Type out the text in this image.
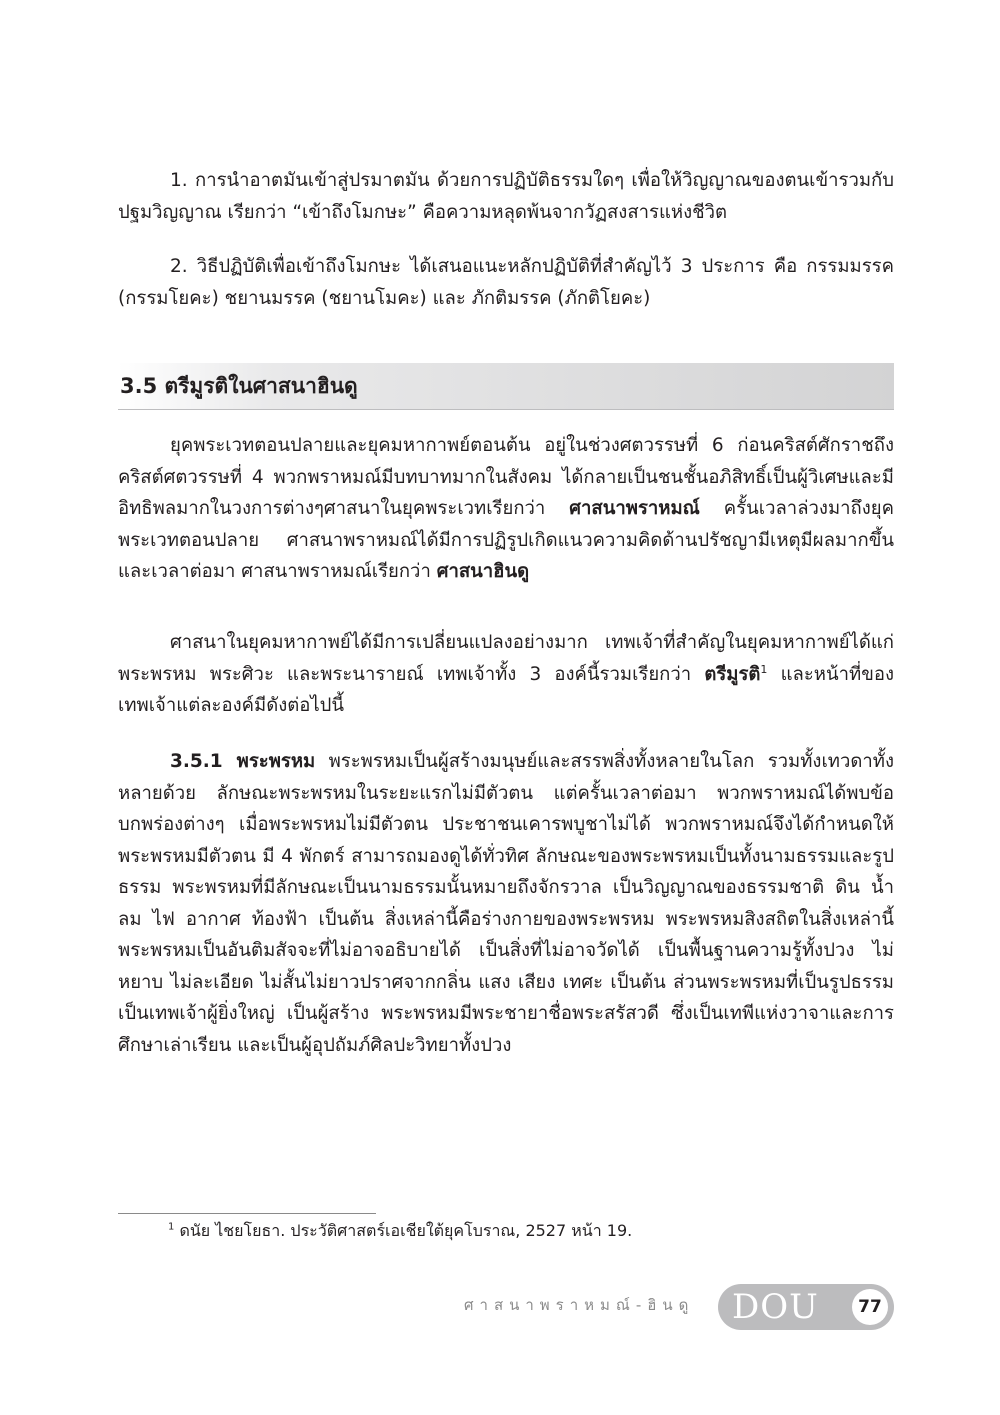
1. การนำอาตมันเข้าสู่ปรมาตมัน ด้วยการปฏิบัติธรรมใดๆ เพื่อให้วิญญาณของตนเข้ารวมกับปฐมวิญญาณ เรียกว่า “เข้าถึงโมกษะ” คือความหลุดพ้นจากวัฏสงสารแห่งชีวิต

2. วิธีปฏิบัติเพื่อเข้าถึงโมกษะ ได้เสนอแนะหลักปฏิบัติที่สำคัญไว้ 3 ประการ คือ กรรมมรรค (กรรมโยคะ) ชยานมรรค (ชยานโมคะ) และ ภักติมรรค (ภักติโยคะ)

3.5 ตรีมูรติในศาสนาฮินดู

ยุคพระเวทตอนปลายและยุคมหากาพย์ตอนต้น อยู่ในช่วงศตวรรษที่ 6 ก่อนคริสต์ศักราชถึงคริสต์ศตวรรษที่ 4 พวกพราหมณ์มีบทบาทมากในสังคม ได้กลายเป็นชนชั้นอภิสิทธิ์เป็นผู้วิเศษและมีอิทธิพลมากในวงการต่างๆศาสนาในยุคพระเวทเรียกว่า ศาสนาพราหมณ์ ครั้นเวลาล่วงมาถึงยุคพระเวทตอนปลาย ศาสนาพราหมณ์ได้มีการปฏิรูปเกิดแนวความคิดด้านปรัชญามีเหตุมีผลมากขึ้น และเวลาต่อมา ศาสนาพราหมณ์เรียกว่า ศาสนาฮินดู

ศาสนาในยุคมหากาพย์ได้มีการเปลี่ยนแปลงอย่างมาก เทพเจ้าที่สำคัญในยุคมหากาพย์ได้แก่ พระพรหม พระศิวะ และพระนารายณ์ เทพเจ้าทั้ง 3 องค์นี้รวมเรียกว่า ตรีมูรติ$^1$ และหน้าที่ของเทพเจ้าแต่ละองค์มีดังต่อไปนี้

3.5.1 พระพรหม พระพรหมเป็นผู้สร้างมนุษย์และสรรพสิ่งทั้งหลายในโลก รวมทั้งเทวดาทั้งหลายด้วย ลักษณะพระพรหมในระยะแรกไม่มีตัวตน แต่ครั้นเวลาต่อมา พวกพราหมณ์ได้พบข้อบกพร่องต่างๆ เมื่อพระพรหมไม่มีตัวตน ประชาชนเคารพบูชาไม่ได้ พวกพราหมณ์จึงได้กำหนดให้พระพรหมมีตัวตน มี 4 พักตร์ สามารถมองดูได้ทั่วทิศ ลักษณะของพระพรหมเป็นทั้งนามธรรมและรูปธรรม พระพรหมที่มีลักษณะเป็นนามธรรมนั้นหมายถึงจักรวาล เป็นวิญญาณของธรรมชาติ ดิน น้ำ ลม ไฟ อากาศ ท้องฟ้า เป็นต้น สิ่งเหล่านี้คือร่างกายของพระพรหม พระพรหมสิงสถิตในสิ่งเหล่านี้ พระพรหมเป็นอันติมสัจจะที่ไม่อาจอธิบายได้ เป็นสิ่งที่ไม่อาจวัดได้ เป็นพื้นฐานความรู้ทั้งปวง ไม่หยาบ ไม่ละเอียด ไม่สั้นไม่ยาวปราศจากกลิ่น แสง เสียง เทศะ เป็นต้น ส่วนพระพรหมที่เป็นรูปธรรมเป็นเทพเจ้าผู้ยิ่งใหญ่ เป็นผู้สร้าง พระพรหมมีพระชายาชื่อพระสรัสวดี ซึ่งเป็นเทพีแห่งวาจาและการศึกษาเล่าเรียน และเป็นผู้อุปถัมภ์ศิลปะวิทยาทั้งปวง

$^1$ ดนัย ไชยโยธา. ประวัติศาสตร์เอเชียใต้ยุคโบราณ, 2527 หน้า 19.

ศาสนาพราหมณ์-ฮินดู DOU	77
